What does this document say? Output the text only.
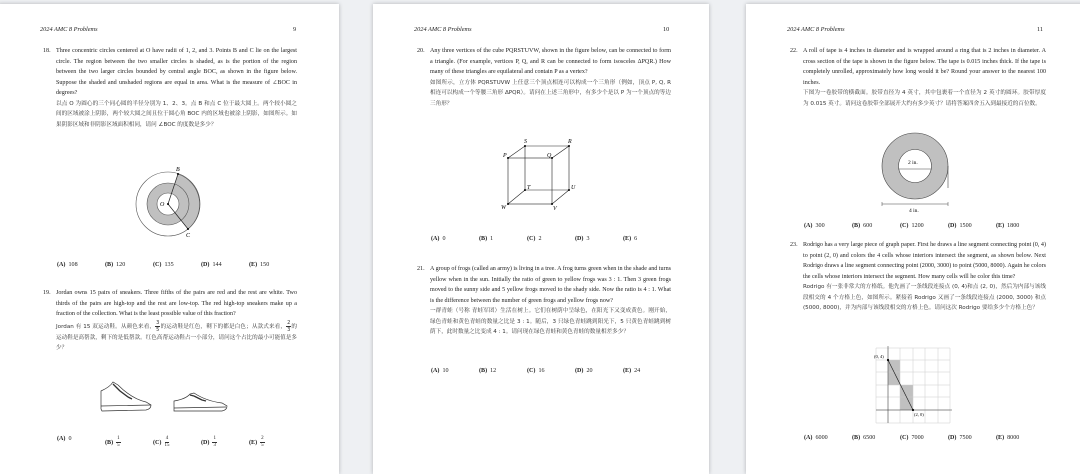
2024 AMC 8 Problems	9
18. Three concentric circles centered at O have radii of 1, 2, and 3. Points B and C lie on the largest circle. The region between the two smaller circles is shaded, as is the portion of the region between the two larger circles bounded by central angle BOC, as shown in the figure below. Suppose the shaded and unshaded regions are equal in area. What is the measure of ∠BOC in degrees?
以点 O 为圆心的三个同心圆的半径分别为 1、2、3。点 B 和点 C 位于最大圆上。两个较小圆之间的区域被涂上阴影，两个较大圆之间且位于圆心角 BOC 内的区域也被涂上阴影，如图所示。如果阴影区域和非阴影区域面积相同，请问 ∠BOC 的度数是多少？
B
O
C
(A) 108	(B) 120	(C) 135	(D) 144	(E) 150
19. Jordan owns 15 pairs of sneakers. Three fifths of the pairs are red and the rest are white. Two thirds of the pairs are high-top and the rest are low-top. The red high-top sneakers make up a fraction of the collection. What is the least possible value of this fraction?
Jordan 有 15 双运动鞋。从颜色来看， $\frac{3}{5}$ 的运动鞋是红色，剩下的都是白色；从款式来看， $\frac{2}{3}$ 的运动鞋是高帮款，剩下的是低帮款。红色高帮运动鞋占一小部分，请问这个占比的最小可能值是多少？
(A) 0
$(B) \frac{1}{5}$	$(C) \frac{4}{15}$	$(D) \frac{1}{3}$	$(E) \frac{2}{5}$
2024 AMC 8 Problems	10
20. Any three vertices of the cube PQRSTUVW, shown in the figure below, can be connected to form a triangle. (For example, vertices P, Q, and R can be connected to form isosceles ΔPQR.) How many of these triangles are equilateral and contain P as a vertex?
如图所示，立方体 PQRSTUVW 上任意三个顶点相连可以构成一个三角形（例如，顶点 P, Q, R 相连可以构成一个等腰三角形 ΔPQR）。请问在上述三角形中，有多少个是以 P 为一个顶点的等边三角形？
S	R
P	Q
T	U
W	V
(A) 0	(B) 1	(C) 2	(D) 3	(E) 6
21. A group of frogs (called an army) is living in a tree. A frog turns green when in the shade and turns yellow when in the sun. Initially the ratio of green to yellow frogs was 3 : 1. Then 3 green frogs moved to the sunny side and 5 yellow frogs moved to the shady side. Now the ratio is 4 : 1. What is the difference between the number of green frogs and yellow frogs now?
一群青蛙（号称 青蛙军团）生活在树上。它们在树荫中呈绿色，在阳光下又变成黄色。刚开始，绿色青蛙和黄色青蛙的数量之比是 3 : 1。随后，3 只绿色青蛙跳到阳光下，5 只黄色青蛙跳到树荫下，此时数量之比变成 4 : 1。请问现在绿色青蛙和黄色青蛙的数量相差多少？
(A) 10	(B) 12	(C) 16	(D) 20	(E) 24
2024 AMC 8 Problems	11
22. A roll of tape is 4 inches in diameter and is wrapped around a ring that is 2 inches in diameter. A cross section of the tape is shown in the figure below. The tape is 0.015 inches thick. If the tape is completely unrolled, approximately how long would it be? Round your answer to the nearest 100 inches.
下图为一卷胶带的横截面。胶带直径为 4 英寸，其中包裹着一个直径为 2 英寸的圆环。胶带厚度为 0.015 英寸。请问这卷胶带全部展开大约有多少英寸？请将答案四舍五入到最接近的百位数。
2 in.
4 in.
(A) 300	(B) 600	(C) 1200	(D) 1500	(E) 1800
23. Rodrigo has a very large piece of graph paper. First he draws a line segment connecting point (0, 4) to point (2, 0) and colors the 4 cells whose interiors intersect the segment, as shown below. Next Rodrigo draws a line segment connecting point (2000, 3000) to point (5000, 8000). Again he colors the cells whose interiors intersect the segment. How many cells will he color this time?
Rodrigo 有一张非常大的方格纸。他先画了一条线段连接点 (0, 4)和点 (2, 0)，然后为内部与该线段相交的 4 个方格上色，如图所示。紧接着 Rodrigo 又画了一条线段连接点 (2000, 3000) 和点 (5000, 8000)，并为内部与该线段相交的方格上色。请问这次 Rodrigo 要给多少个方格上色？
(0, 4)
(2, 0)
(A) 6000	(B) 6500	(C) 7000	(D) 7500	(E) 8000
